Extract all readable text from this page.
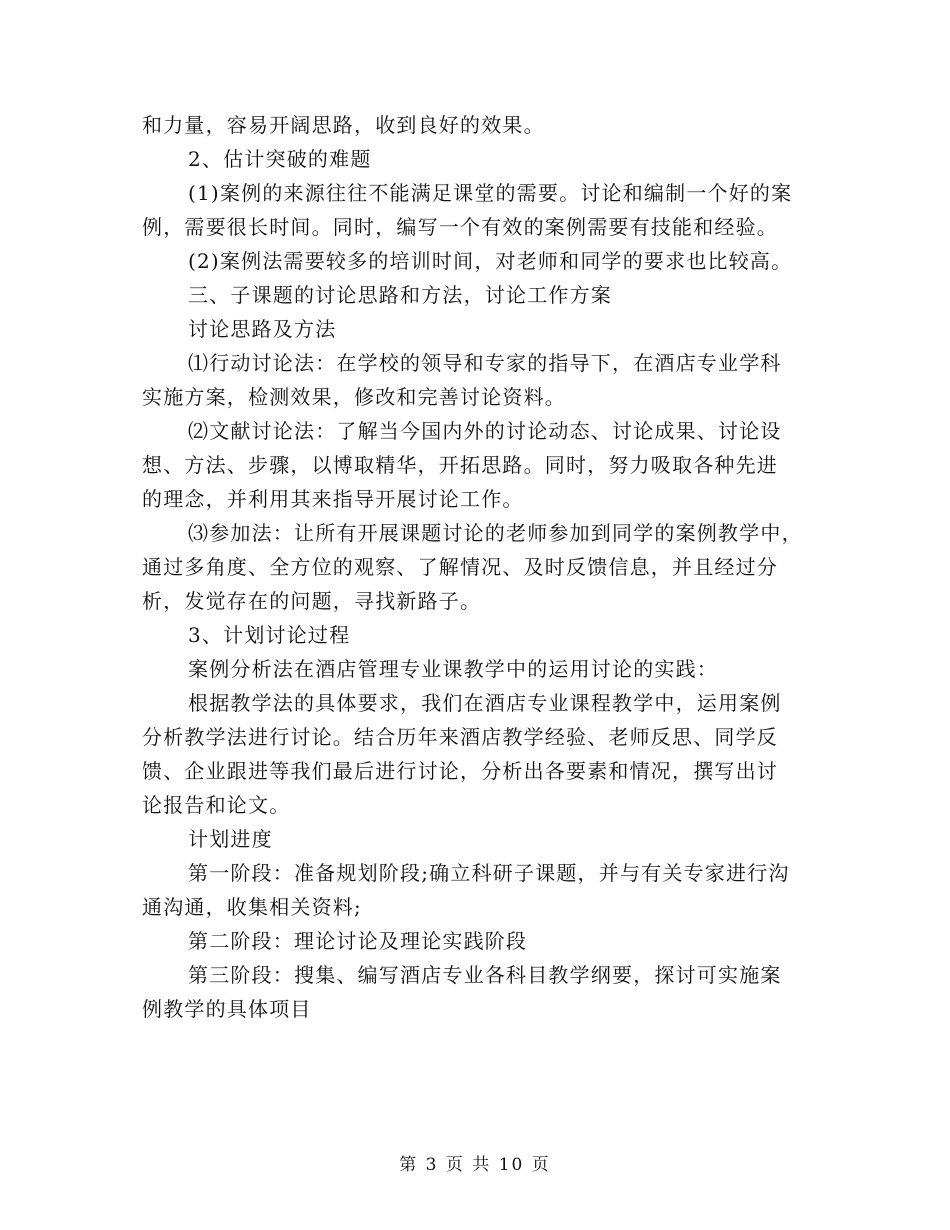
和力量，容易开阔思路，收到良好的效果。
2、估计突破的难题
(1)案例的来源往往不能满足课堂的需要。讨论和编制一个好的案
例，需要很长时间。同时，编写一个有效的案例需要有技能和经验。
(2)案例法需要较多的培训时间，对老师和同学的要求也比较高。
三、子课题的讨论思路和方法，讨论工作方案
讨论思路及方法
⑴行动讨论法：在学校的领导和专家的指导下，在酒店专业学科
实施方案，检测效果，修改和完善讨论资料。
⑵文献讨论法：了解当今国内外的讨论动态、讨论成果、讨论设
想、方法、步骤，以博取精华，开拓思路。同时，努力吸取各种先进
的理念，并利用其来指导开展讨论工作。
⑶参加法：让所有开展课题讨论的老师参加到同学的案例教学中，
通过多角度、全方位的观察、了解情况、及时反馈信息，并且经过分
析，发觉存在的问题，寻找新路子。
3、计划讨论过程
案例分析法在酒店管理专业课教学中的运用讨论的实践：
根据教学法的具体要求，我们在酒店专业课程教学中，运用案例
分析教学法进行讨论。结合历年来酒店教学经验、老师反思、同学反
馈、企业跟进等我们最后进行讨论，分析出各要素和情况，撰写出讨
论报告和论文。
计划进度
第一阶段：准备规划阶段;确立科研子课题，并与有关专家进行沟
通沟通，收集相关资料;
第二阶段：理论讨论及理论实践阶段
第三阶段：搜集、编写酒店专业各科目教学纲要，探讨可实施案
例教学的具体项目
第 3 页 共 10 页
